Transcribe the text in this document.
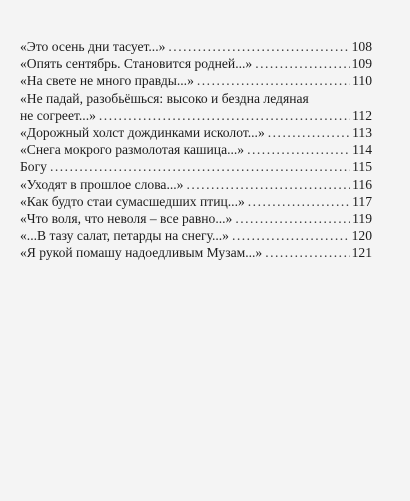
«Это осень дни тасует...» .....	108
«Опять сентябрь. Становится родней...» .....	109
«На свете не много правды...» .....	110
«Не падай, разобьёшься: высоко и бездна ледяная
не согреет...» .....	112
«Дорожный холст дождинками исколот...» .....	113
«Снега мокрого размолотая кашица...» .....	114
Богу .....	115
«Уходят в прошлое слова...» .....	116
«Как будто стаи сумасшедших птиц...» .....	117
«Что воля, что неволя – все равно...» .....	119
«...В тазу салат, петарды на снегу...» .....	120
«Я рукой помашу надоедливым Музам...» .....	121
